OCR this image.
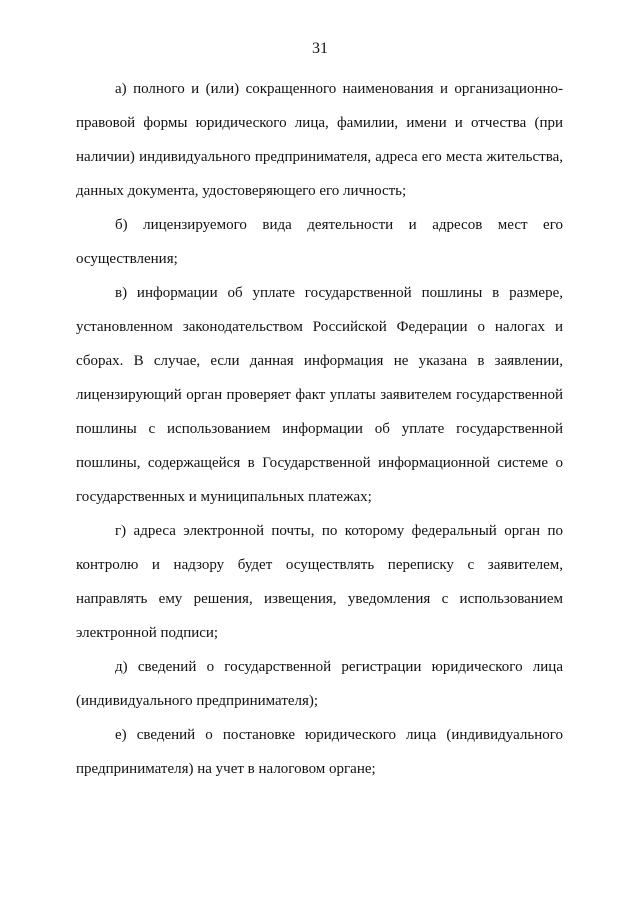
31

а) полного и (или) сокращенного наименования и организационно-правовой формы юридического лица, фамилии, имени и отчества (при наличии) индивидуального предпринимателя, адреса его места жительства, данных документа, удостоверяющего его личность;

б) лицензируемого вида деятельности и адресов мест его осуществления;

в) информации об уплате государственной пошлины в размере, установленном законодательством Российской Федерации о налогах и сборах. В случае, если данная информация не указана в заявлении, лицензирующий орган проверяет факт уплаты заявителем государственной пошлины с использованием информации об уплате государственной пошлины, содержащейся в Государственной информационной системе о государственных и муниципальных платежах;

г) адреса электронной почты, по которому федеральный орган по контролю и надзору будет осуществлять переписку с заявителем, направлять ему решения, извещения, уведомления с использованием электронной подписи;

д) сведений о государственной регистрации юридического лица (индивидуального предпринимателя);

е) сведений о постановке юридического лица (индивидуального предпринимателя) на учет в налоговом органе;
